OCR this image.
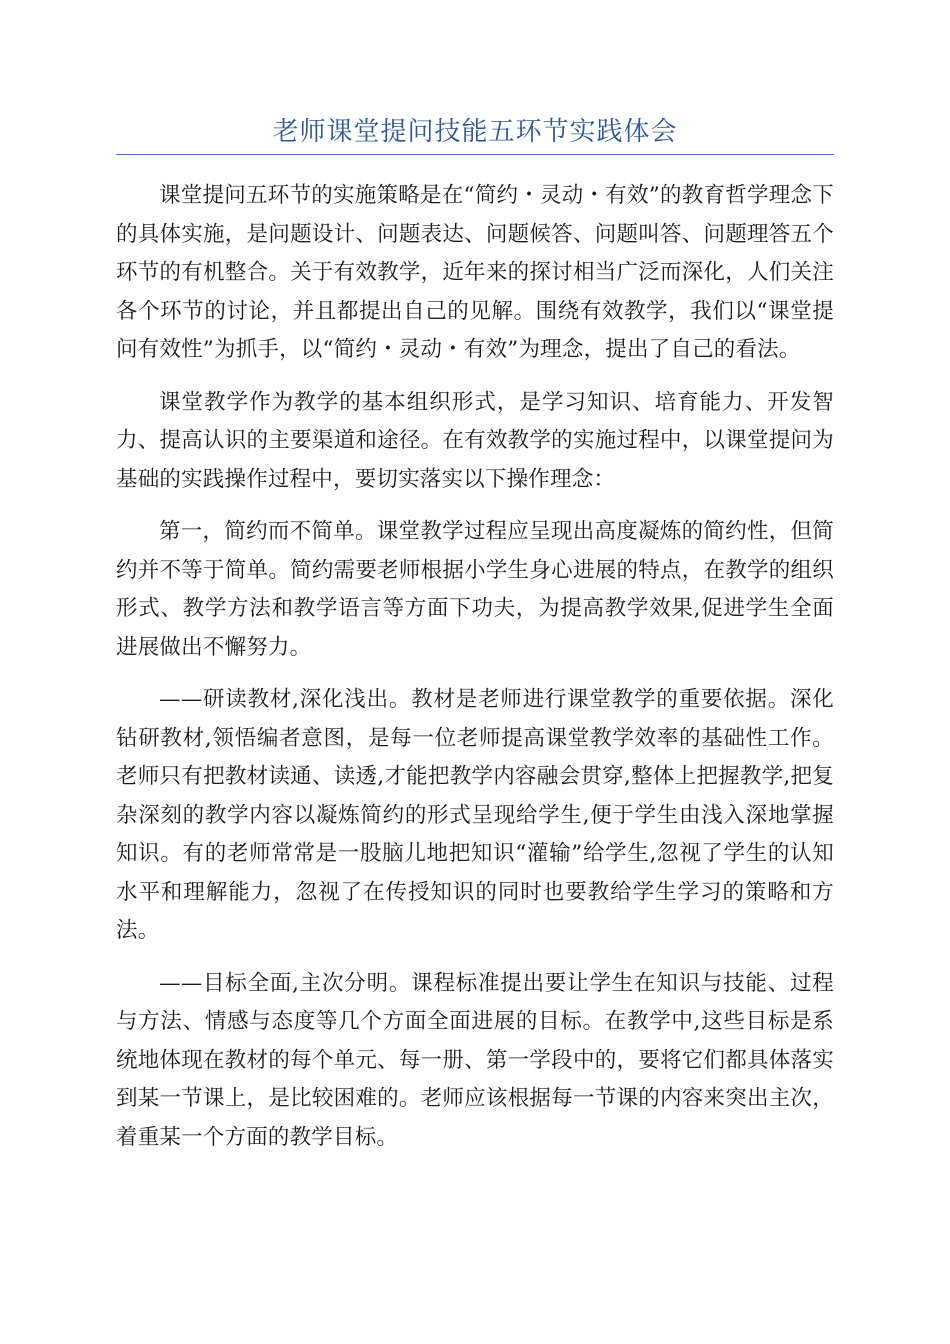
老师课堂提问技能五环节实践体会

课堂提问五环节的实施策略是在“简约・灵动・有效”的教育哲学理念下的具体实施，是问题设计、问题表达、问题候答、问题叫答、问题理答五个环节的有机整合。关于有效教学，近年来的探讨相当广泛而深化，人们关注各个环节的讨论，并且都提出自己的见解。围绕有效教学，我们以“课堂提问有效性”为抓手，以“简约・灵动・有效”为理念，提出了自己的看法。

课堂教学作为教学的基本组织形式，是学习知识、培育能力、开发智力、提高认识的主要渠道和途径。在有效教学的实施过程中，以课堂提问为基础的实践操作过程中，要切实落实以下操作理念：

第一，简约而不简单。课堂教学过程应呈现出高度凝炼的简约性，但简约并不等于简单。简约需要老师根据小学生身心进展的特点，在教学的组织形式、教学方法和教学语言等方面下功夫，为提高教学效果,促进学生全面进展做出不懈努力。

——研读教材,深化浅出。教材是老师进行课堂教学的重要依据。深化钻研教材,领悟编者意图，是每一位老师提高课堂教学效率的基础性工作。老师只有把教材读通、读透,才能把教学内容融会贯穿,整体上把握教学,把复杂深刻的教学内容以凝炼简约的形式呈现给学生,便于学生由浅入深地掌握知识。有的老师常常是一股脑儿地把知识“灌输”给学生,忽视了学生的认知水平和理解能力，忽视了在传授知识的同时也要教给学生学习的策略和方法。

——目标全面,主次分明。课程标准提出要让学生在知识与技能、过程与方法、情感与态度等几个方面全面进展的目标。在教学中,这些目标是系统地体现在教材的每个单元、每一册、第一学段中的，要将它们都具体落实到某一节课上，是比较困难的。老师应该根据每一节课的内容来突出主次，着重某一个方面的教学目标。
